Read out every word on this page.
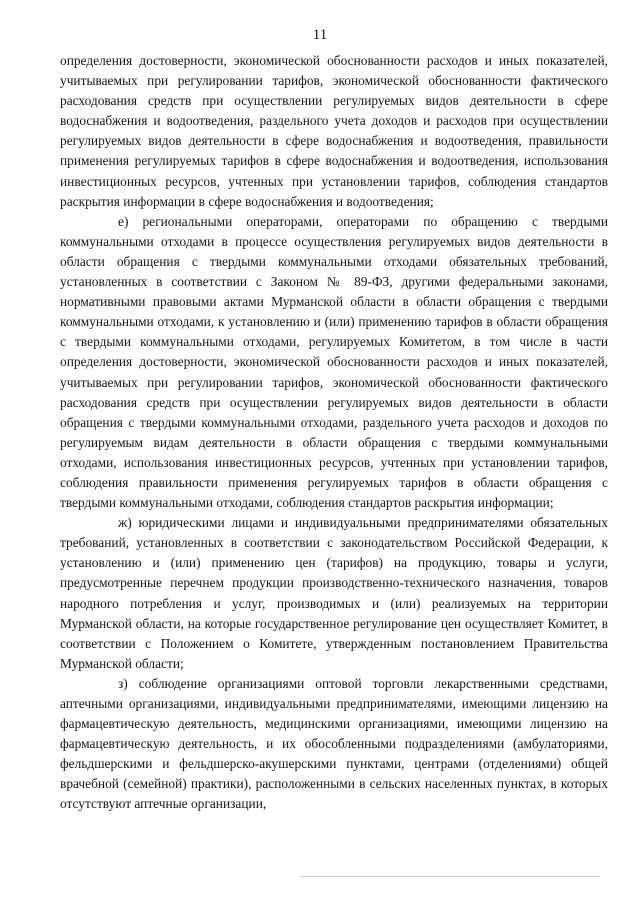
11

определения достоверности, экономической обоснованности расходов и иных показателей, учитываемых при регулировании тарифов, экономической обоснованности фактического расходования средств при осуществлении регулируемых видов деятельности в сфере водоснабжения и водоотведения, раздельного учета доходов и расходов при осуществлении регулируемых видов деятельности в сфере водоснабжения и водоотведения, правильности применения регулируемых тарифов в сфере водоснабжения и водоотведения, использования инвестиционных ресурсов, учтенных при установлении тарифов, соблюдения стандартов раскрытия информации в сфере водоснабжения и водоотведения;

е) региональными операторами, операторами по обращению с твердыми коммунальными отходами в процессе осуществления регулируемых видов деятельности в области обращения с твердыми коммунальными отходами обязательных требований, установленных в соответствии с Законом № 89-ФЗ, другими федеральными законами, нормативными правовыми актами Мурманской области в области обращения с твердыми коммунальными отходами, к установлению и (или) применению тарифов в области обращения с твердыми коммунальными отходами, регулируемых Комитетом, в том числе в части определения достоверности, экономической обоснованности расходов и иных показателей, учитываемых при регулировании тарифов, экономической обоснованности фактического расходования средств при осуществлении регулируемых видов деятельности в области обращения с твердыми коммунальными отходами, раздельного учета расходов и доходов по регулируемым видам деятельности в области обращения с твердыми коммунальными отходами, использования инвестиционных ресурсов, учтенных при установлении тарифов, соблюдения правильности применения регулируемых тарифов в области обращения с твердыми коммунальными отходами, соблюдения стандартов раскрытия информации;

ж) юридическими лицами и индивидуальными предпринимателями обязательных требований, установленных в соответствии с законодательством Российской Федерации, к установлению и (или) применению цен (тарифов) на продукцию, товары и услуги, предусмотренные перечнем продукции производственно-технического назначения, товаров народного потребления и услуг, производимых и (или) реализуемых на территории Мурманской области, на которые государственное регулирование цен осуществляет Комитет, в соответствии с Положением о Комитете, утвержденным постановлением Правительства Мурманской области;

з) соблюдение организациями оптовой торговли лекарственными средствами, аптечными организациями, индивидуальными предпринимателями, имеющими лицензию на фармацевтическую деятельность, медицинскими организациями, имеющими лицензию на фармацевтическую деятельность, и их обособленными подразделениями (амбулаториями, фельдшерскими и фельдшерско-акушерскими пунктами, центрами (отделениями) общей врачебной (семейной) практики), расположенными в сельских населенных пунктах, в которых отсутствуют аптечные организации,
